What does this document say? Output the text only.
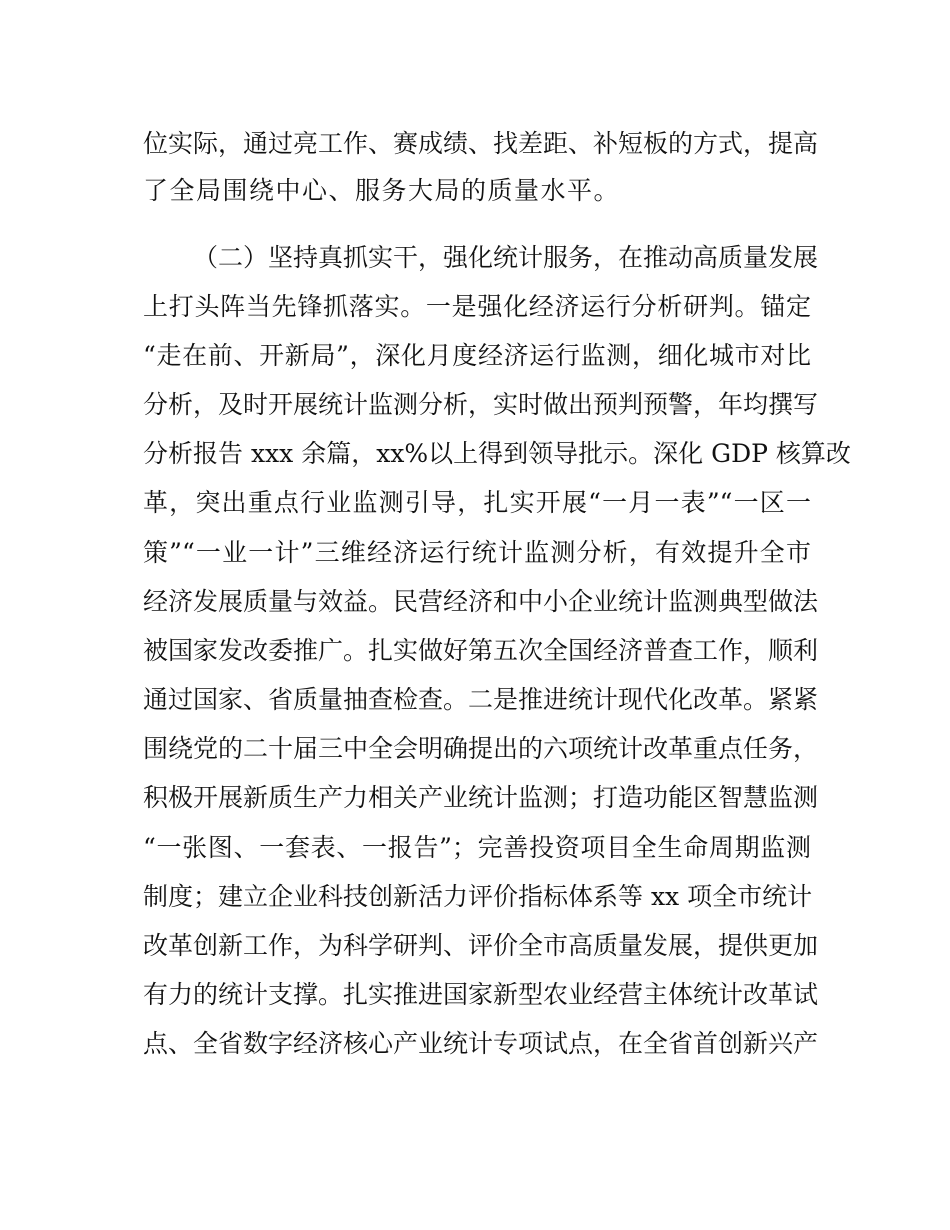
位实际，通过亮工作、赛成绩、找差距、补短板的方式，提高
了全局围绕中心、服务大局的质量水平。
（二）坚持真抓实干，强化统计服务，在推动高质量发展
上打头阵当先锋抓落实。一是强化经济运行分析研判。锚定
“走在前、开新局”，深化月度经济运行监测，细化城市对比
分析，及时开展统计监测分析，实时做出预判预警，年均撰写
分析报告 xxx 余篇，xx%以上得到领导批示。深化 GDP 核算改
革，突出重点行业监测引导，扎实开展“一月一表”“一区一
策”“一业一计”三维经济运行统计监测分析，有效提升全市
经济发展质量与效益。民营经济和中小企业统计监测典型做法
被国家发改委推广。扎实做好第五次全国经济普查工作，顺利
通过国家、省质量抽查检查。二是推进统计现代化改革。紧紧
围绕党的二十届三中全会明确提出的六项统计改革重点任务，
积极开展新质生产力相关产业统计监测；打造功能区智慧监测
“一张图、一套表、一报告”；完善投资项目全生命周期监测
制度；建立企业科技创新活力评价指标体系等 xx 项全市统计
改革创新工作，为科学研判、评价全市高质量发展，提供更加
有力的统计支撑。扎实推进国家新型农业经营主体统计改革试
点、全省数字经济核心产业统计专项试点，在全省首创新兴产
